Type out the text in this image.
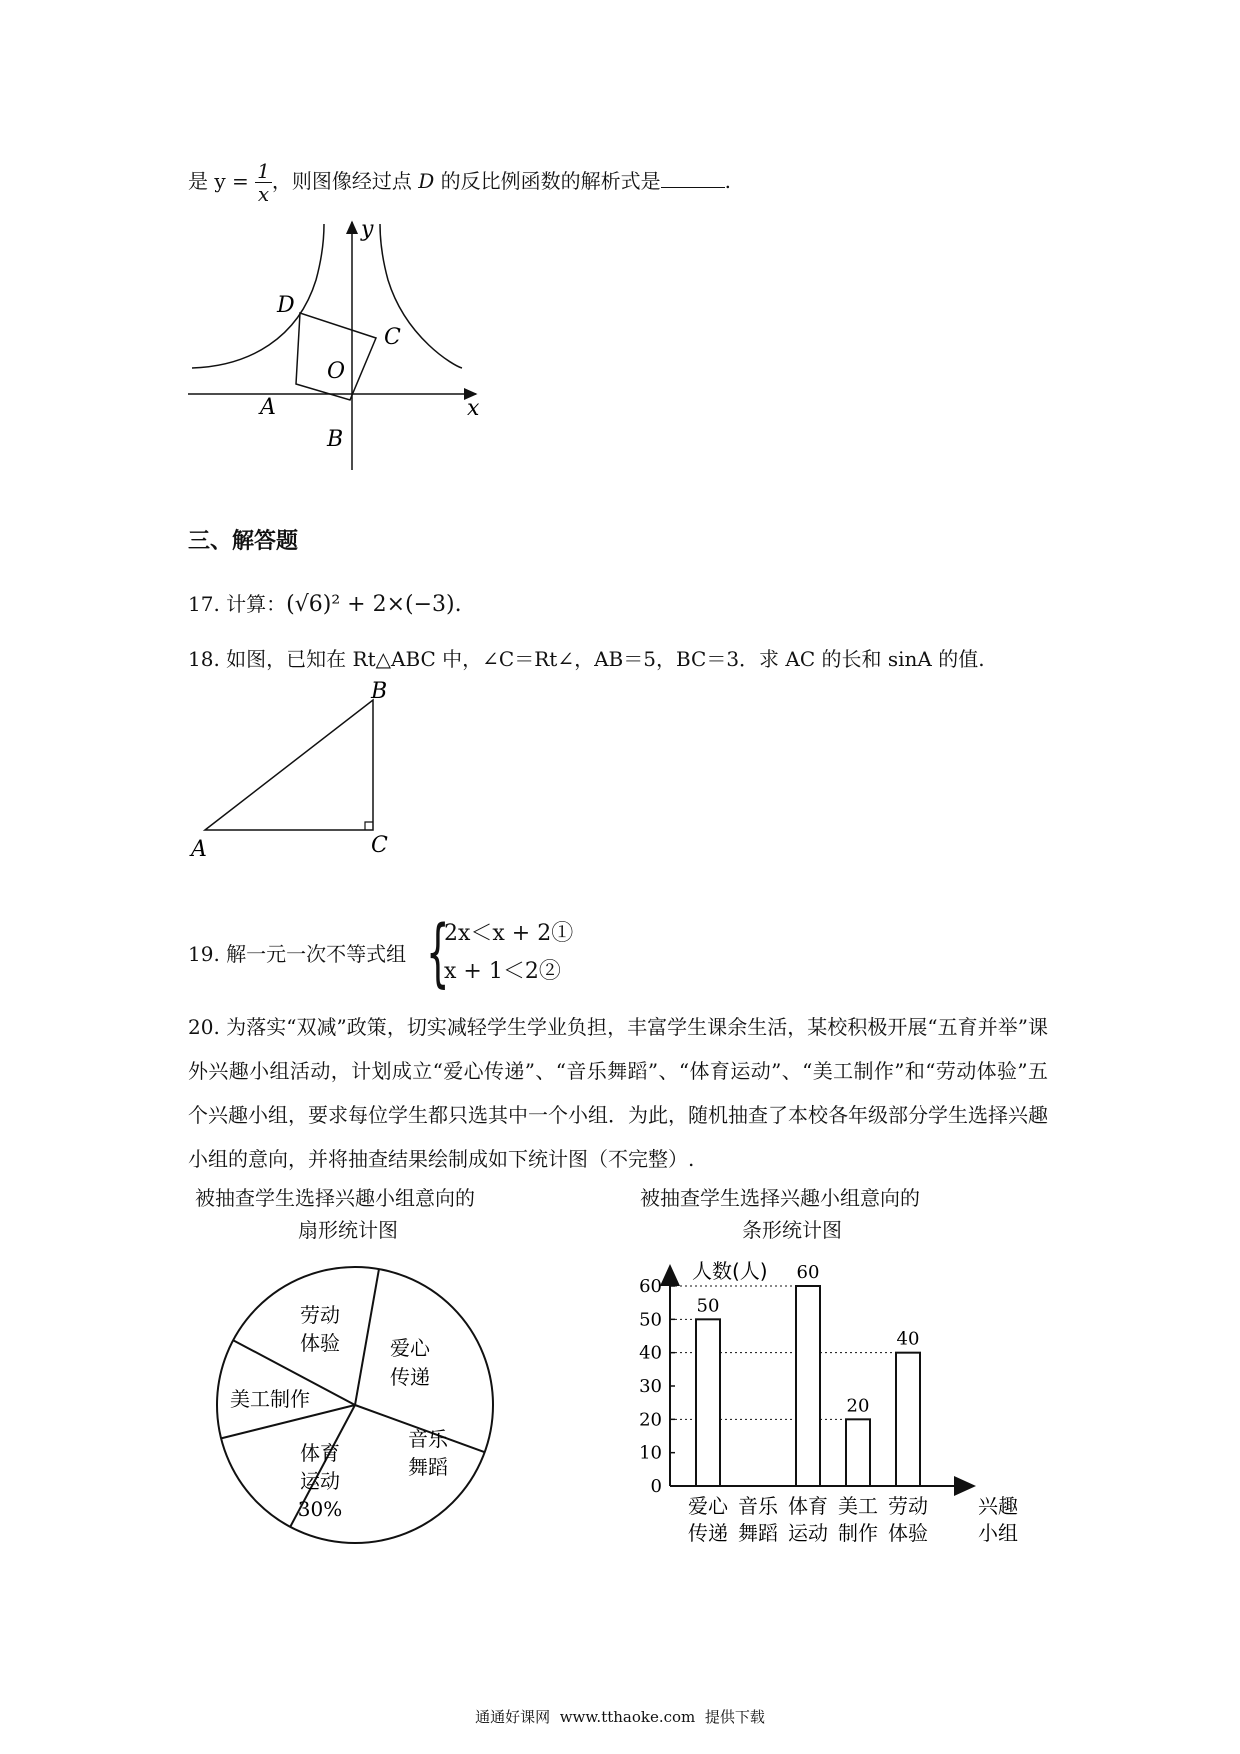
是 $y = \frac{1}{x}$ ，则图像经过点 D 的反比例函数的解析式是	.
y
x
O
A
B
C
D
三、解答题
17. 计算：(√6)² + 2×(−3).
18. 如图，已知在 Rt△ABC 中，∠C＝Rt∠，AB＝5，BC＝3．求 AC 的长和 sinA 的值.
A
B
C
19. 解一元一次不等式组 {
2x＜x + 2①
x + 1＜2②
20. 为落实“双减”政策，切实减轻学生学业负担，丰富学生课余生活，某校积极开展“五育并举”课外兴趣小组活动，计划成立“爱心传递”、“音乐舞蹈”、“体育运动”、“美工制作”和“劳动体验”五个兴趣小组，要求每位学生都只选其中一个小组．为此，随机抽查了本校各年级部分学生选择兴趣小组的意向，并将抽查结果绘制成如下统计图（不完整）.
被抽查学生选择兴趣小组意向的
扇形统计图
劳动
体验	爱心
传递
音乐
舞蹈
体育
运动
30%
美工制作
被抽查学生选择兴趣小组意向的
条形统计图
0
10
20
30
40
50
60
50
60
20
40
人数(人)
爱心
传递
音乐
舞蹈
体育
运动
美工
制作
劳动
体验
兴趣
小组
通通好课网  www.tthaoke.com  提供下载
